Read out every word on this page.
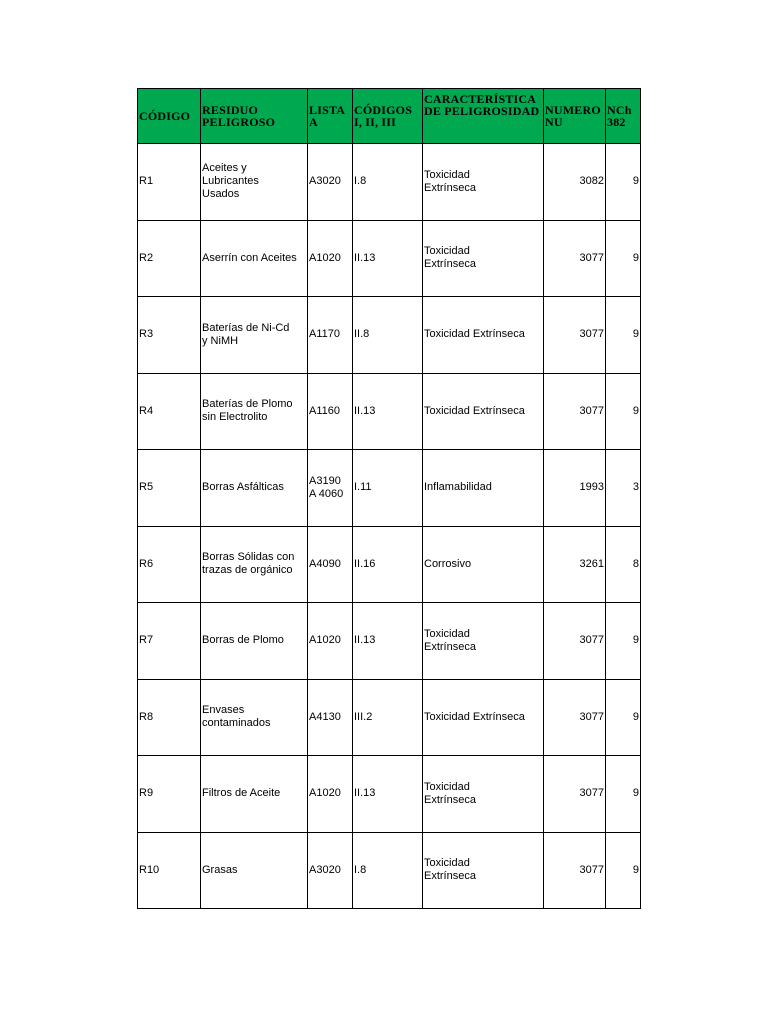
CÓDIGO	RESIDUO PELIGROSO	LISTA A	CÓDIGOS I, II, III	CARACTERÍSTICA DE PELIGROSIDAD	NUMERO NU	NCh 382

R1	Aceites y
Lubricantes
Usados	A3020	I.8	Toxicidad
Extrínseca	3082	9

R2	Aserrín con Aceites	A1020	II.13	Toxicidad
Extrínseca	3077	9

R3	Baterías de Ni-Cd
y NiMH	A1170	II.8	Toxicidad Extrínseca	3077	9

R4	Baterías de Plomo
sin Electrolito	A1160	II.13	Toxicidad Extrínseca	3077	9

R5	Borras Asfálticas	A3190
A 4060	I.11	Inflamabilidad	1993	3

R6	Borras Sólidas con
trazas de orgánico	A4090	II.16	Corrosivo	3261	8

R7	Borras de Plomo	A1020	II.13	Toxicidad
Extrínseca	3077	9

R8	Envases
contaminados	A4130	III.2	Toxicidad Extrínseca	3077	9

R9	Filtros de Aceite	A1020	II.13	Toxicidad
Extrínseca	3077	9

R10	Grasas	A3020	I.8	Toxicidad
Extrínseca	3077	9
